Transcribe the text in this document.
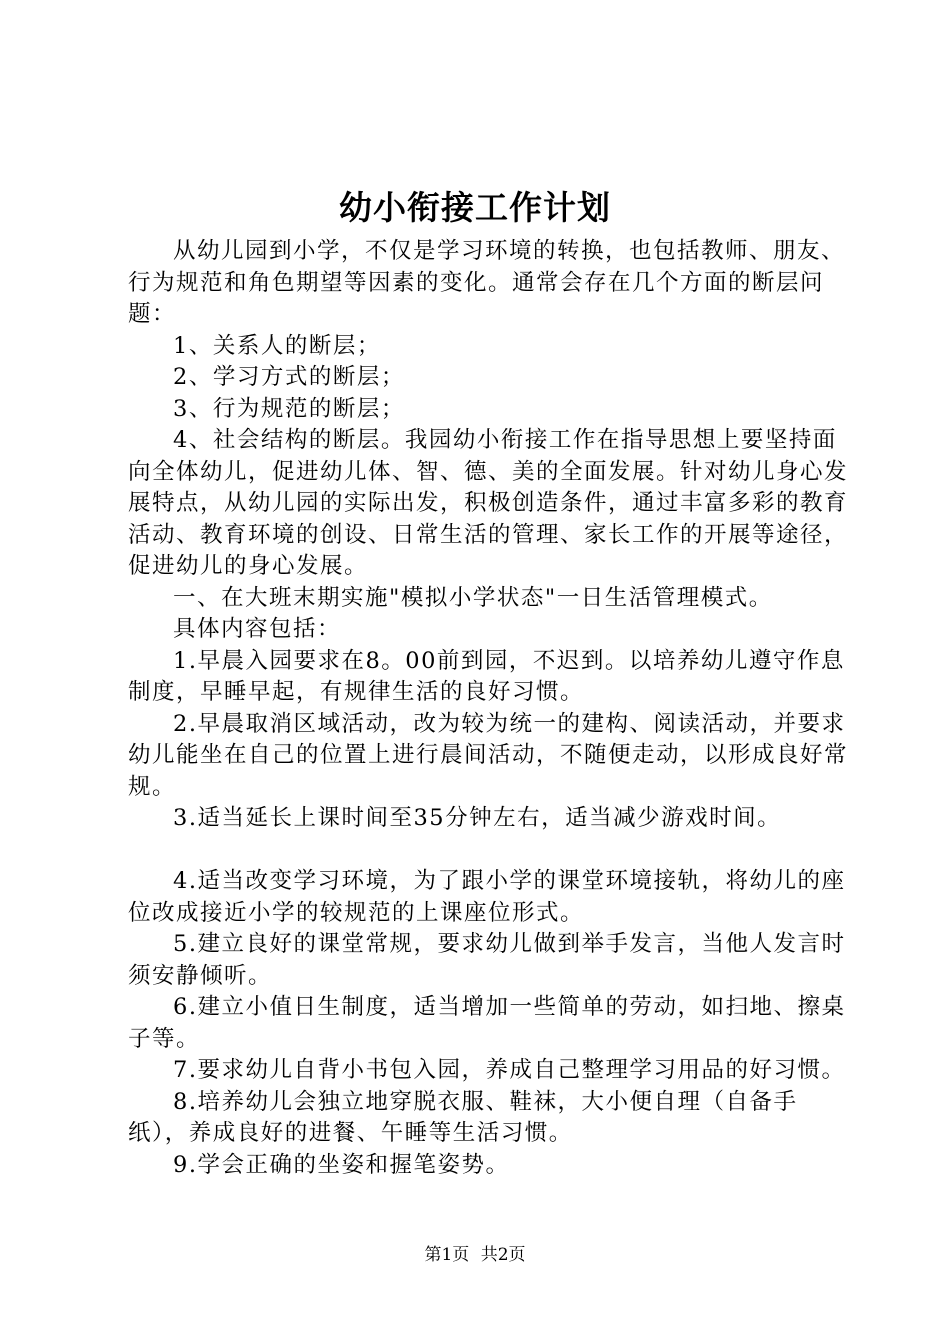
幼小衔接工作计划

从幼儿园到小学，不仅是学习环境的转换，也包括教师、朋友、行为规范和角色期望等因素的变化。通常会存在几个方面的断层问题：

1、关系人的断层；

2、学习方式的断层；

3、行为规范的断层；

4、社会结构的断层。我园幼小衔接工作在指导思想上要坚持面向全体幼儿，促进幼儿体、智、德、美的全面发展。针对幼儿身心发展特点，从幼儿园的实际出发，积极创造条件，通过丰富多彩的教育活动、教育环境的创设、日常生活的管理、家长工作的开展等途径，促进幼儿的身心发展。

一、在大班末期实施"模拟小学状态"一日生活管理模式。

具体内容包括：

1.早晨入园要求在8。00前到园，不迟到。以培养幼儿遵守作息制度，早睡早起，有规律生活的良好习惯。

2.早晨取消区域活动，改为较为统一的建构、阅读活动，并要求幼儿能坐在自己的位置上进行晨间活动，不随便走动，以形成良好常规。

3.适当延长上课时间至35分钟左右，适当减少游戏时间。

4.适当改变学习环境，为了跟小学的课堂环境接轨，将幼儿的座位改成接近小学的较规范的上课座位形式。

5.建立良好的课堂常规，要求幼儿做到举手发言，当他人发言时须安静倾听。

6.建立小值日生制度，适当增加一些简单的劳动，如扫地、擦桌子等。

7.要求幼儿自背小书包入园，养成自己整理学习用品的好习惯。

8.培养幼儿会独立地穿脱衣服、鞋袜，大小便自理（自备手纸），养成良好的进餐、午睡等生活习惯。

9.学会正确的坐姿和握笔姿势。

第1页 共2页
